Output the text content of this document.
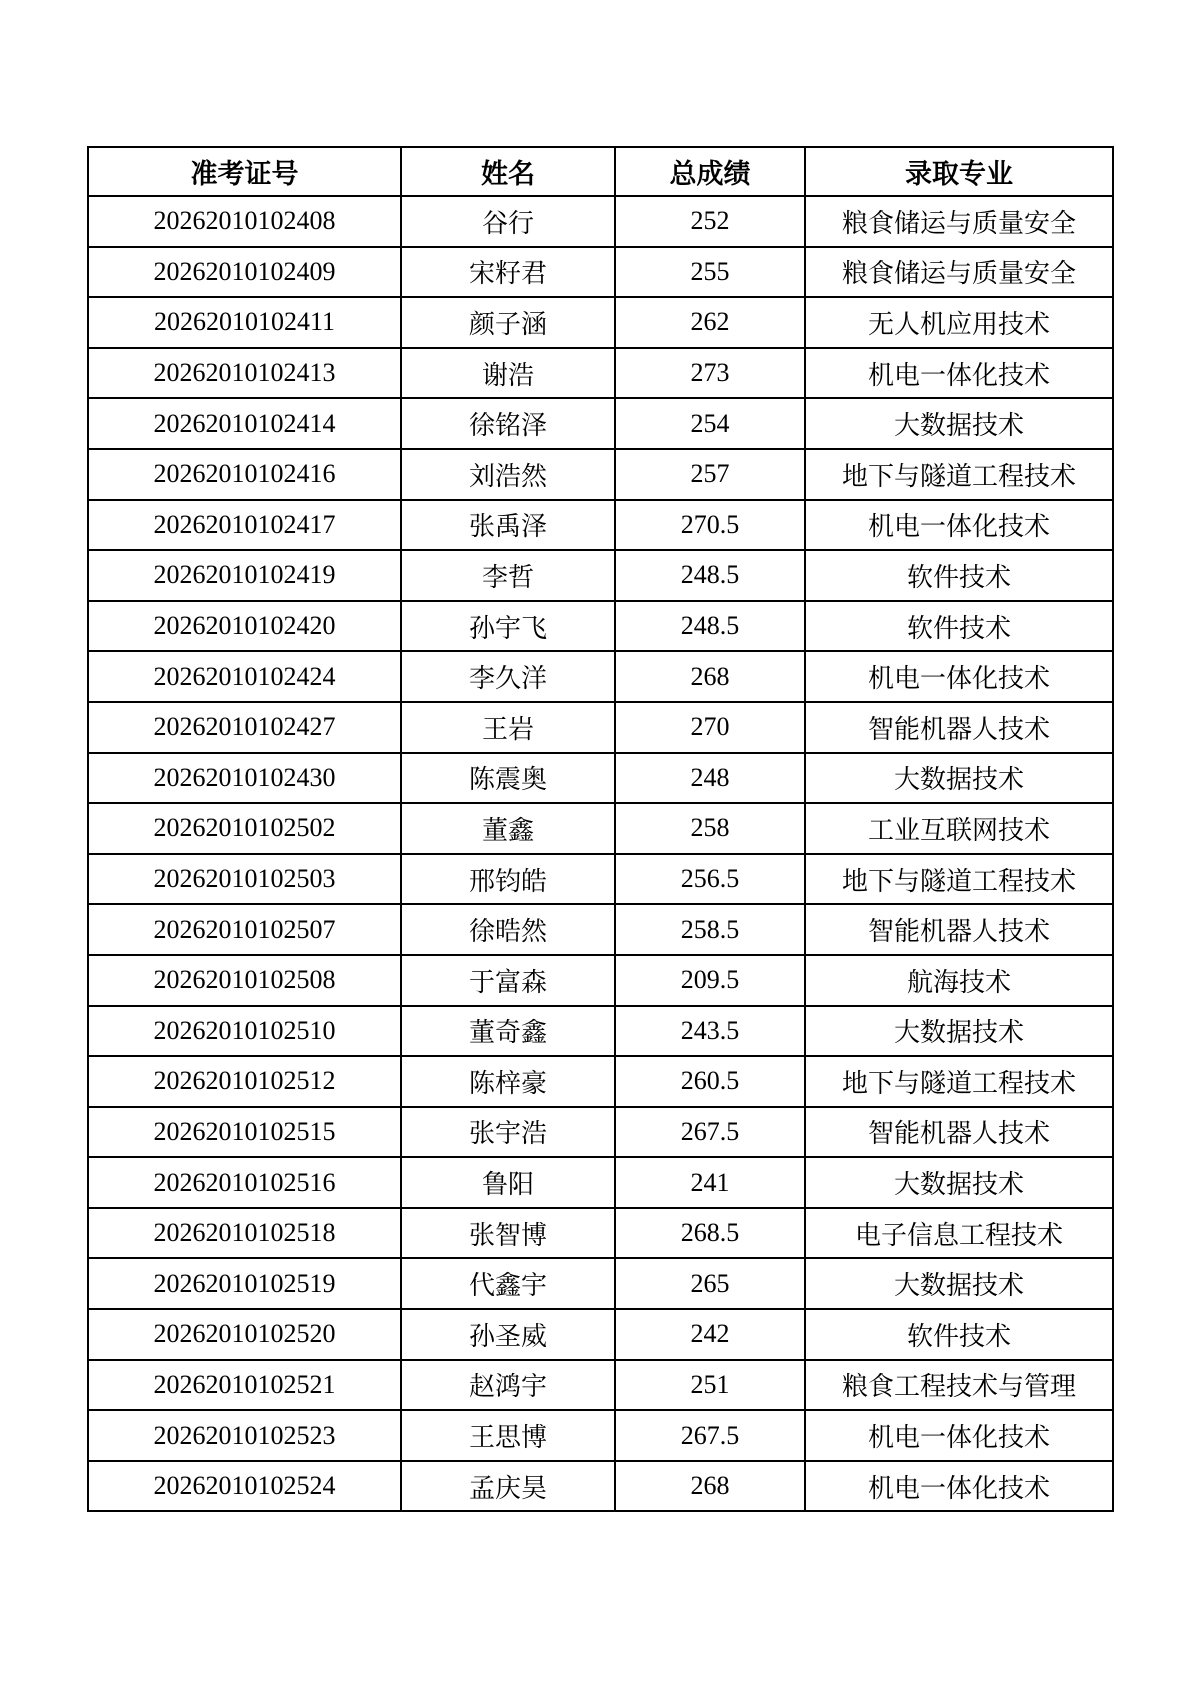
准考证号	姓名	总成绩	录取专业
20262010102408	谷行	252	粮食储运与质量安全
20262010102409	宋籽君	255	粮食储运与质量安全
20262010102411	颜子涵	262	无人机应用技术
20262010102413	谢浩	273	机电一体化技术
20262010102414	徐铭泽	254	大数据技术
20262010102416	刘浩然	257	地下与隧道工程技术
20262010102417	张禹泽	270.5	机电一体化技术
20262010102419	李哲	248.5	软件技术
20262010102420	孙宇飞	248.5	软件技术
20262010102424	李久洋	268	机电一体化技术
20262010102427	王岩	270	智能机器人技术
20262010102430	陈震奥	248	大数据技术
20262010102502	董鑫	258	工业互联网技术
20262010102503	邢钧皓	256.5	地下与隧道工程技术
20262010102507	徐晧然	258.5	智能机器人技术
20262010102508	于富森	209.5	航海技术
20262010102510	董奇鑫	243.5	大数据技术
20262010102512	陈梓豪	260.5	地下与隧道工程技术
20262010102515	张宇浩	267.5	智能机器人技术
20262010102516	鲁阳	241	大数据技术
20262010102518	张智博	268.5	电子信息工程技术
20262010102519	代鑫宇	265	大数据技术
20262010102520	孙圣威	242	软件技术
20262010102521	赵鸿宇	251	粮食工程技术与管理
20262010102523	王思博	267.5	机电一体化技术
20262010102524	孟庆昊	268	机电一体化技术
